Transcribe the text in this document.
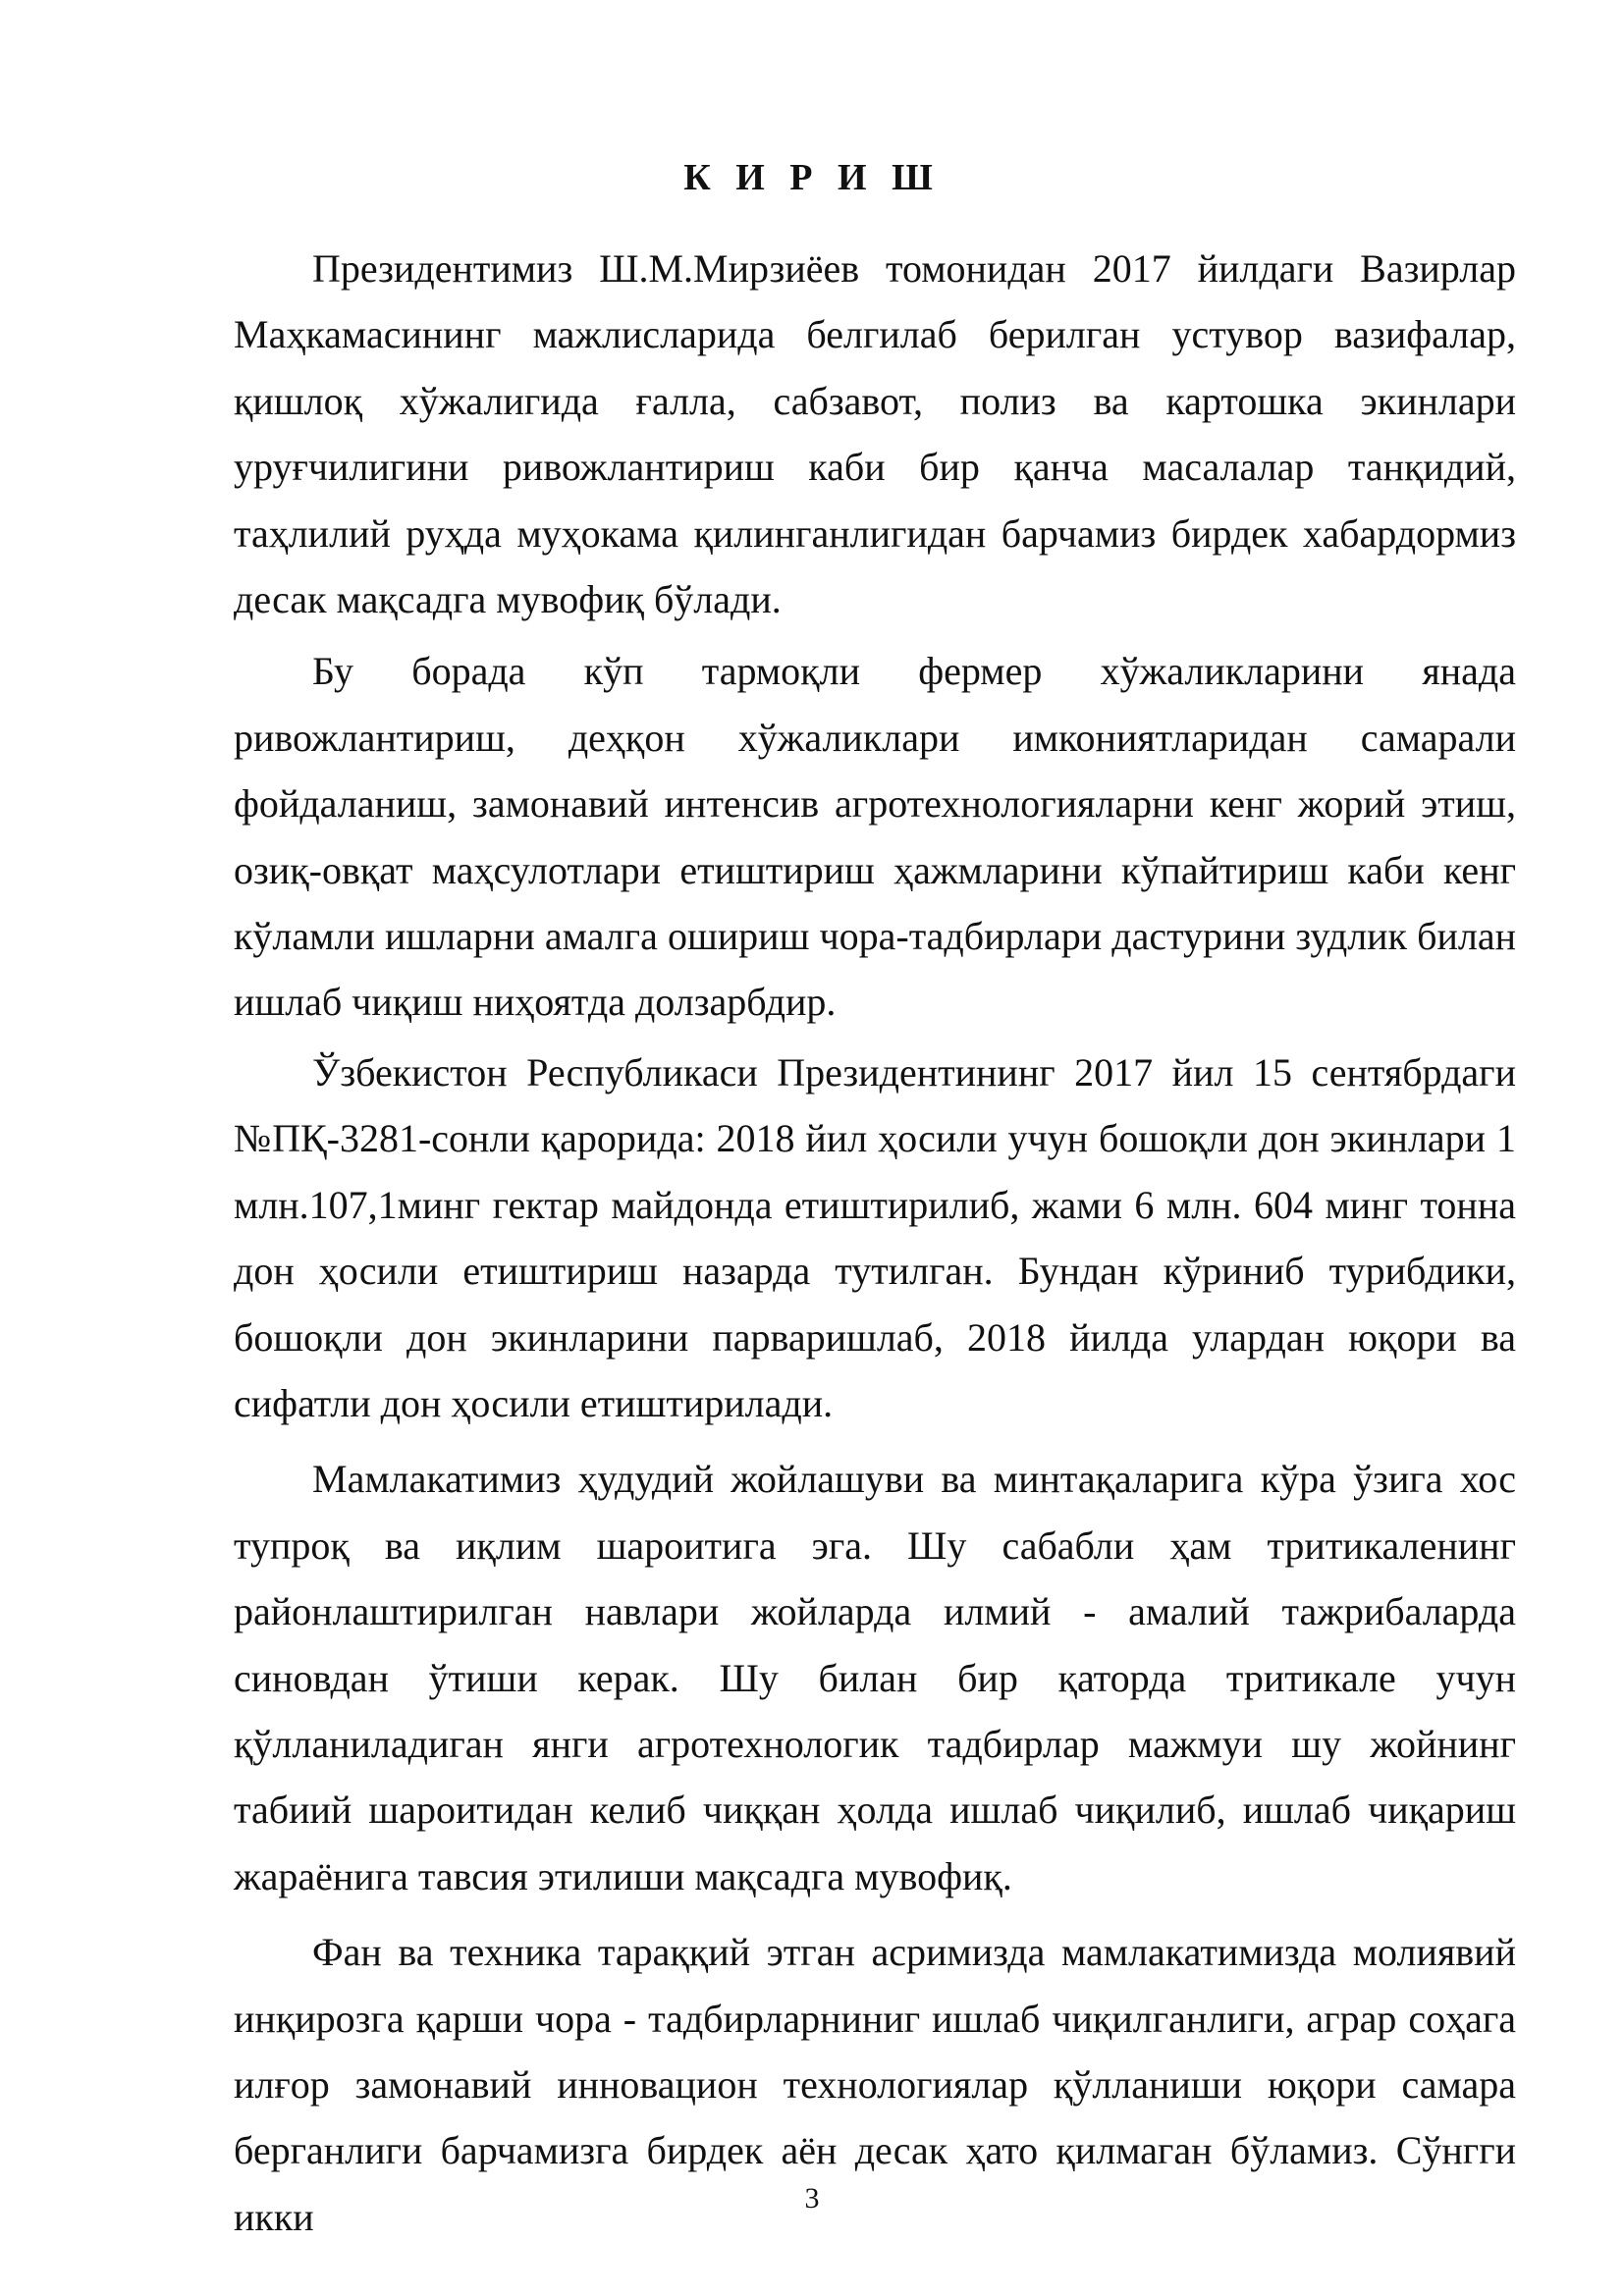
К И Р И Ш

Президентимиз Ш.М.Мирзиёев томонидан 2017 йилдаги Вазирлар Маҳкамасининг мажлисларида белгилаб берилган устувор вазифалар, қишлоқ хўжалигида ғалла, сабзавот, полиз ва картошка экинлари уруғчилигини ривожлантириш каби бир қанча масалалар танқидий, таҳлилий руҳда муҳокама қилинганлигидан барчамиз бирдек хабардормиз десак мақсадга мувофиқ бўлади.

Бу борада кўп тармоқли фермер хўжаликларини янада ривожлантириш, деҳқон хўжаликлари имкониятларидан самарали фойдаланиш, замонавий интенсив агротехнологияларни кенг жорий этиш, озиқ-овқат маҳсулотлари етиштириш ҳажмларини кўпайтириш каби кенг кўламли ишларни амалга ошириш чора-тадбирлари дастурини зудлик билан ишлаб чиқиш ниҳоятда долзарбдир.

Ўзбекистон Республикаси Президентининг 2017 йил 15 сентябрдаги №ПҚ-3281-сонли қарорида: 2018 йил ҳосили учун бошоқли дон экинлари 1 млн.107,1минг гектар майдонда етиштирилиб, жами 6 млн. 604 минг тонна дон ҳосили етиштириш назарда тутилган. Бундан кўриниб турибдики, бошоқли дон экинларини парваришлаб, 2018 йилда улардан юқори ва сифатли дон ҳосили етиштирилади.

Мамлакатимиз ҳудудий жойлашуви ва минтақаларига кўра ўзига хос тупроқ ва иқлим шароитига эга. Шу сабабли ҳам тритикаленинг районлаштирилган навлари жойларда илмий - амалий тажрибаларда синовдан ўтиши керак. Шу билан бир қаторда тритикале учун қўлланиладиган янги агротехнологик тадбирлар мажмуи шу жойнинг табиий шароитидан келиб чиққан ҳолда ишлаб чиқилиб, ишлаб чиқариш жараёнига тавсия этилиши мақсадга мувофиқ.

Фан ва техника тараққий этган асримизда мамлакатимизда молиявий инқирозга қарши чора - тадбирларниниг ишлаб чиқилганлиги, аграр соҳага илғор замонавий инновацион технологиялар қўлланиши юқори самара берганлиги барчамизга бирдек аён десак ҳато қилмаган бўламиз. Сўнгги икки	3
